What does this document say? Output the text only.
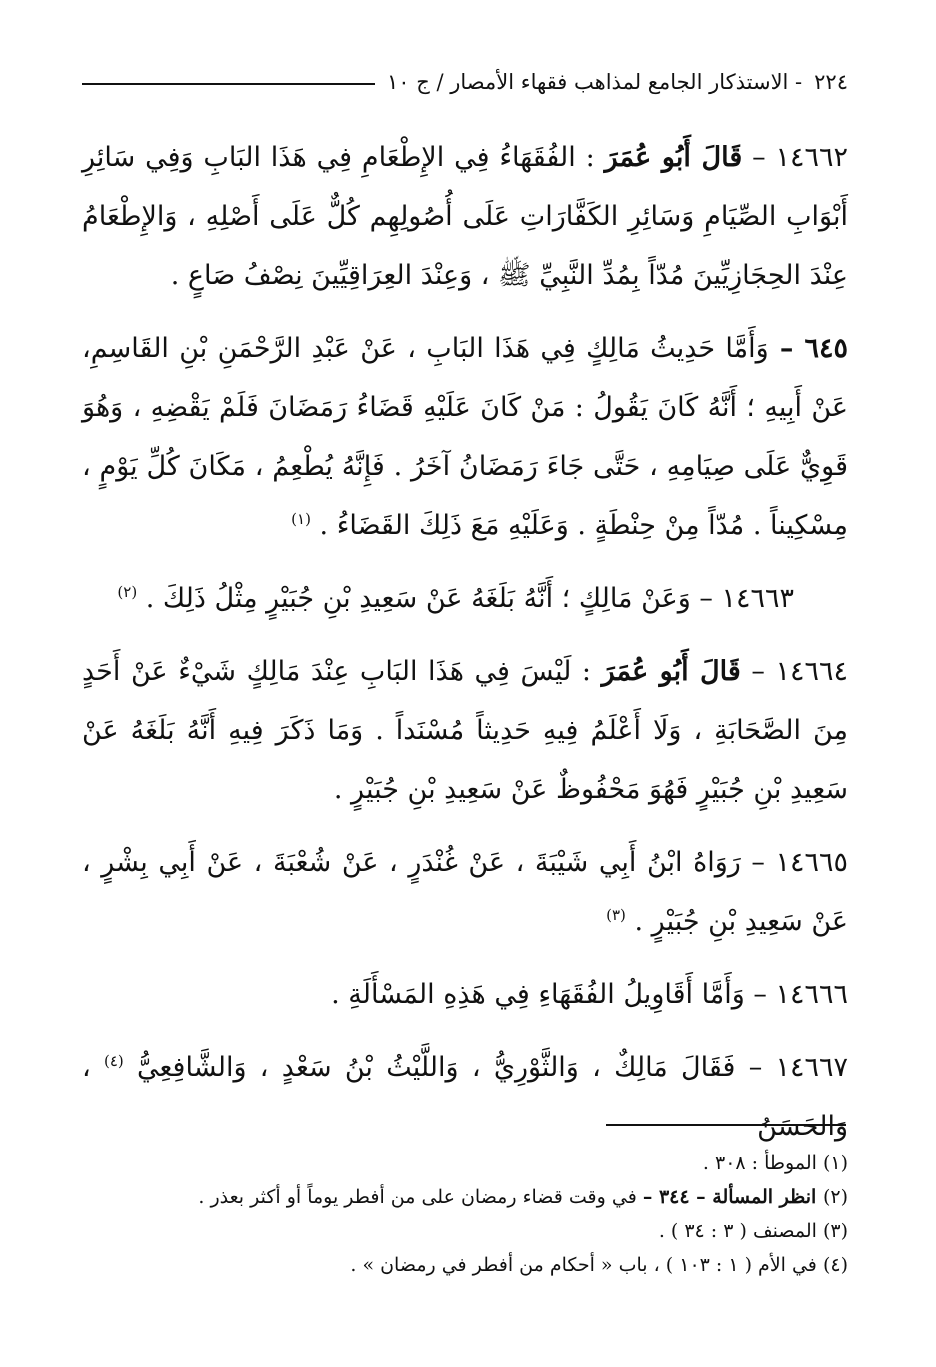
٢٢٤
- الاستذكار الجامع لمذاهب فقهاء الأمصار / ج ١٠

١٤٦٦٢ – قَالَ أَبُو عُمَرَ : الفُقَهَاءُ فِي الإِطْعَامِ فِي هَذَا البَابِ وَفِي سَائِرِ أَبْوَابِ الصِّيَامِ وَسَائِرِ الكَفَّارَاتِ عَلَى أُصُولِهِم كُلٌّ عَلَى أَصْلِهِ ، وَالإِطْعَامُ عِنْدَ الحِجَازِيِّينَ مُدّاً بِمُدِّ النَّبِيِّ ﷺ ، وَعِنْدَ العِرَاقِيِّينَ نِصْفُ صَاعٍ .

٦٤٥ – وَأَمَّا حَدِيثُ مَالِكٍ فِي هَذَا البَابِ ، عَنْ عَبْدِ الرَّحْمَنِ بْنِ القَاسِمِ، عَنْ أَبِيهِ ؛ أَنَّهُ كَانَ يَقُولُ : مَنْ كَانَ عَلَيْهِ قَضَاءُ رَمَضَانَ فَلَمْ يَقْضِهِ ، وَهُوَ قَوِيٌّ عَلَى صِيَامِهِ ، حَتَّى جَاءَ رَمَضَانُ آخَرُ . فَإِنَّهُ يُطْعِمُ ، مَكَانَ كُلِّ يَوْمٍ ، مِسْكِيناً . مُدّاً مِنْ حِنْطَةٍ . وَعَلَيْهِ مَعَ ذَلِكَ القَضَاءُ . $^{(١)}$

  ١٤٦٦٣ – وَعَنْ مَالِكٍ ؛ أَنَّهُ بَلَغَهُ عَنْ سَعِيدِ بْنِ جُبَيْرٍ مِثْلُ ذَلِكَ . $^{(٢)}$

١٤٦٦٤ – قَالَ أَبُو عُمَرَ : لَيْسَ فِي هَذَا البَابِ عِنْدَ مَالِكٍ شَيْءٌ عَنْ أَحَدٍ مِنَ الصَّحَابَةِ ، وَلَا أَعْلَمُ فِيهِ حَدِيثاً مُسْنَداً . وَمَا ذَكَرَ فِيهِ أَنَّهُ بَلَغَهُ عَنْ سَعِيدِ بْنِ جُبَيْرٍ فَهُوَ مَحْفُوظٌ عَنْ سَعِيدِ بْنِ جُبَيْرٍ .

١٤٦٦٥ – رَوَاهُ ابْنُ أَبِي شَيْبَةَ ، عَنْ غُنْدَرٍ ، عَنْ شُعْبَةَ ، عَنْ أَبِي بِشْرٍ ، عَنْ سَعِيدِ بْنِ جُبَيْرٍ . $^{(٣)}$

١٤٦٦٦ – وَأَمَّا أَقَاوِيلُ الفُقَهَاءِ فِي هَذِهِ المَسْأَلَةِ .

١٤٦٦٧ – فَقَالَ مَالِكٌ ، وَالثَّوْرِيُّ ، وَاللَّيْثُ بْنُ سَعْدٍ ، وَالشَّافِعِيُّ $^{(٤)}$ ، وَالحَسَنُ

(١) الموطأ : ٣٠٨ .

(٢) انظر المسألة – ٣٤٤ – في وقت قضاء رمضان على من أفطر يوماً أو أكثر بعذر .

(٣) المصنف ( ٣ : ٣٤ ) .

(٤) في الأم ( ١ : ١٠٣ ) ، باب « أحكام من أفطر في رمضان » .
